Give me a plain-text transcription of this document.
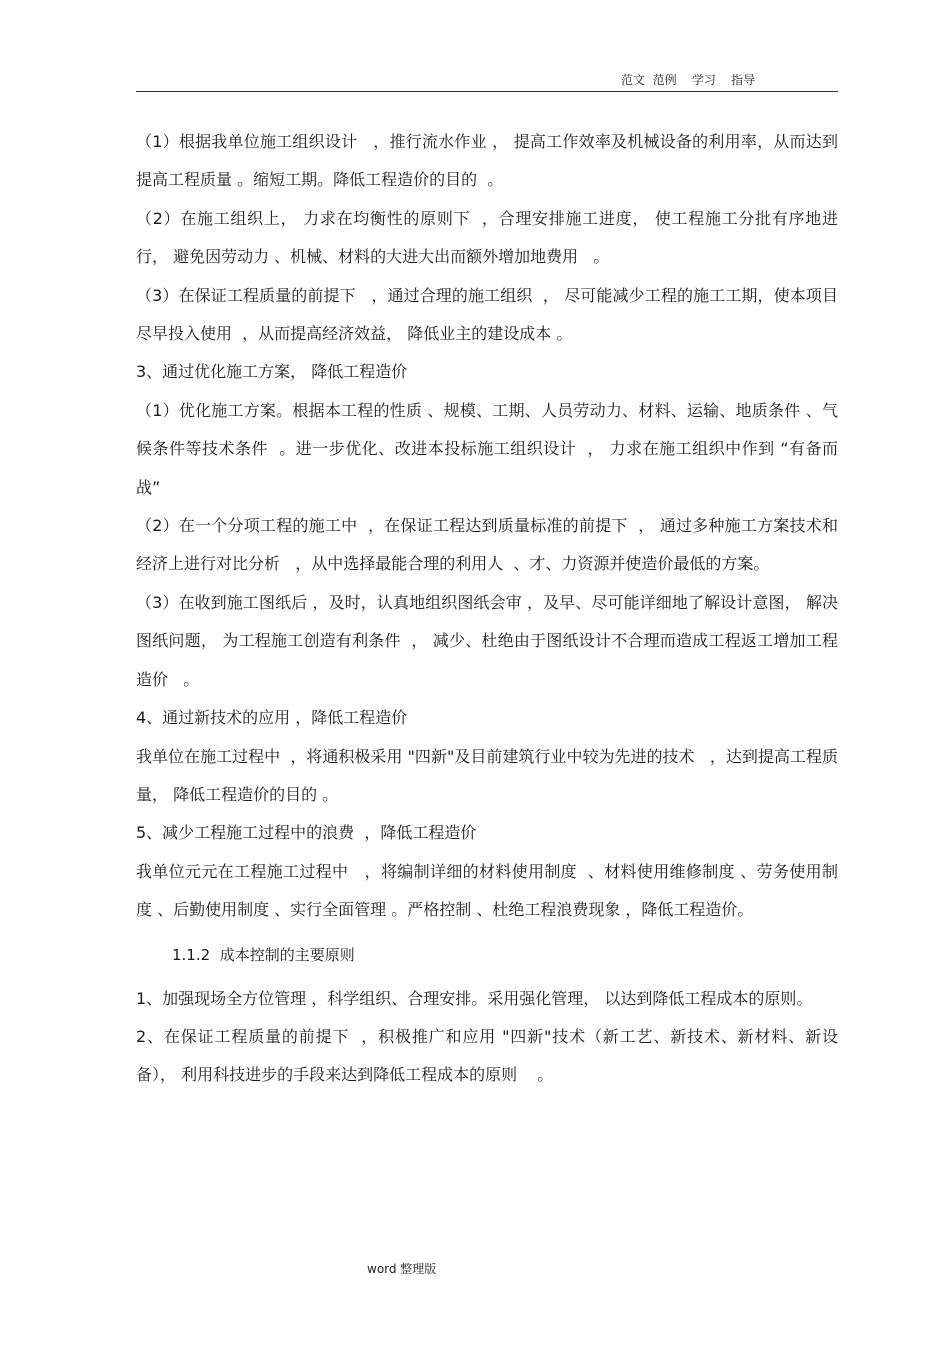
范文  范例    学习    指导

（1）根据我单位施工组织设计   ，推行流水作业 ， 提高工作效率及机械设备的利用率，从而达到提高工程质量 。缩短工期。降低工程造价的目的  。

（2）在施工组织上， 力求在均衡性的原则下  ，合理安排施工进度， 使工程施工分批有序地进行， 避免因劳动力 、机械、材料的大进大出而额外增加地费用   。

（3）在保证工程质量的前提下   ，通过合理的施工组织  ， 尽可能减少工程的施工工期，使本项目尽早投入使用  ，从而提高经济效益， 降低业主的建设成本 。

3、通过优化施工方案， 降低工程造价

（1）优化施工方案。根据本工程的性质 、规模、工期、人员劳动力、材料、运输、地质条件 、气候条件等技术条件  。进一步优化、改进本投标施工组织设计  ， 力求在施工组织中作到 “有备而战”

（2）在一个分项工程的施工中  ，在保证工程达到质量标准的前提下  ， 通过多种施工方案技术和经济上进行对比分析   ，从中选择最能合理的利用人  、才、力资源并使造价最低的方案。

（3）在收到施工图纸后 ，及时，认真地组织图纸会审 ，及早、尽可能详细地了解设计意图， 解决图纸问题， 为工程施工创造有利条件  ， 减少、杜绝由于图纸设计不合理而造成工程返工增加工程造价   。

4、通过新技术的应用 ，降低工程造价

我单位在施工过程中  ，将通积极采用 "四新"及目前建筑行业中较为先进的技术   ，达到提高工程质量， 降低工程造价的目的 。

5、减少工程施工过程中的浪费  ，降低工程造价

我单位元元在工程施工过程中   ，将编制详细的材料使用制度  、材料使用维修制度 、劳务使用制度 、后勤使用制度 、实行全面管理 。严格控制 、杜绝工程浪费现象 ，降低工程造价。

1.1.2  成本控制的主要原则

1、加强现场全方位管理 ，科学组织、合理安排。采用强化管理， 以达到降低工程成本的原则。

2、在保证工程质量的前提下  ，积极推广和应用 "四新"技术（新工艺、新技术、新材料、新设备）， 利用科技进步的手段来达到降低工程成本的原则    。

word 整理版
